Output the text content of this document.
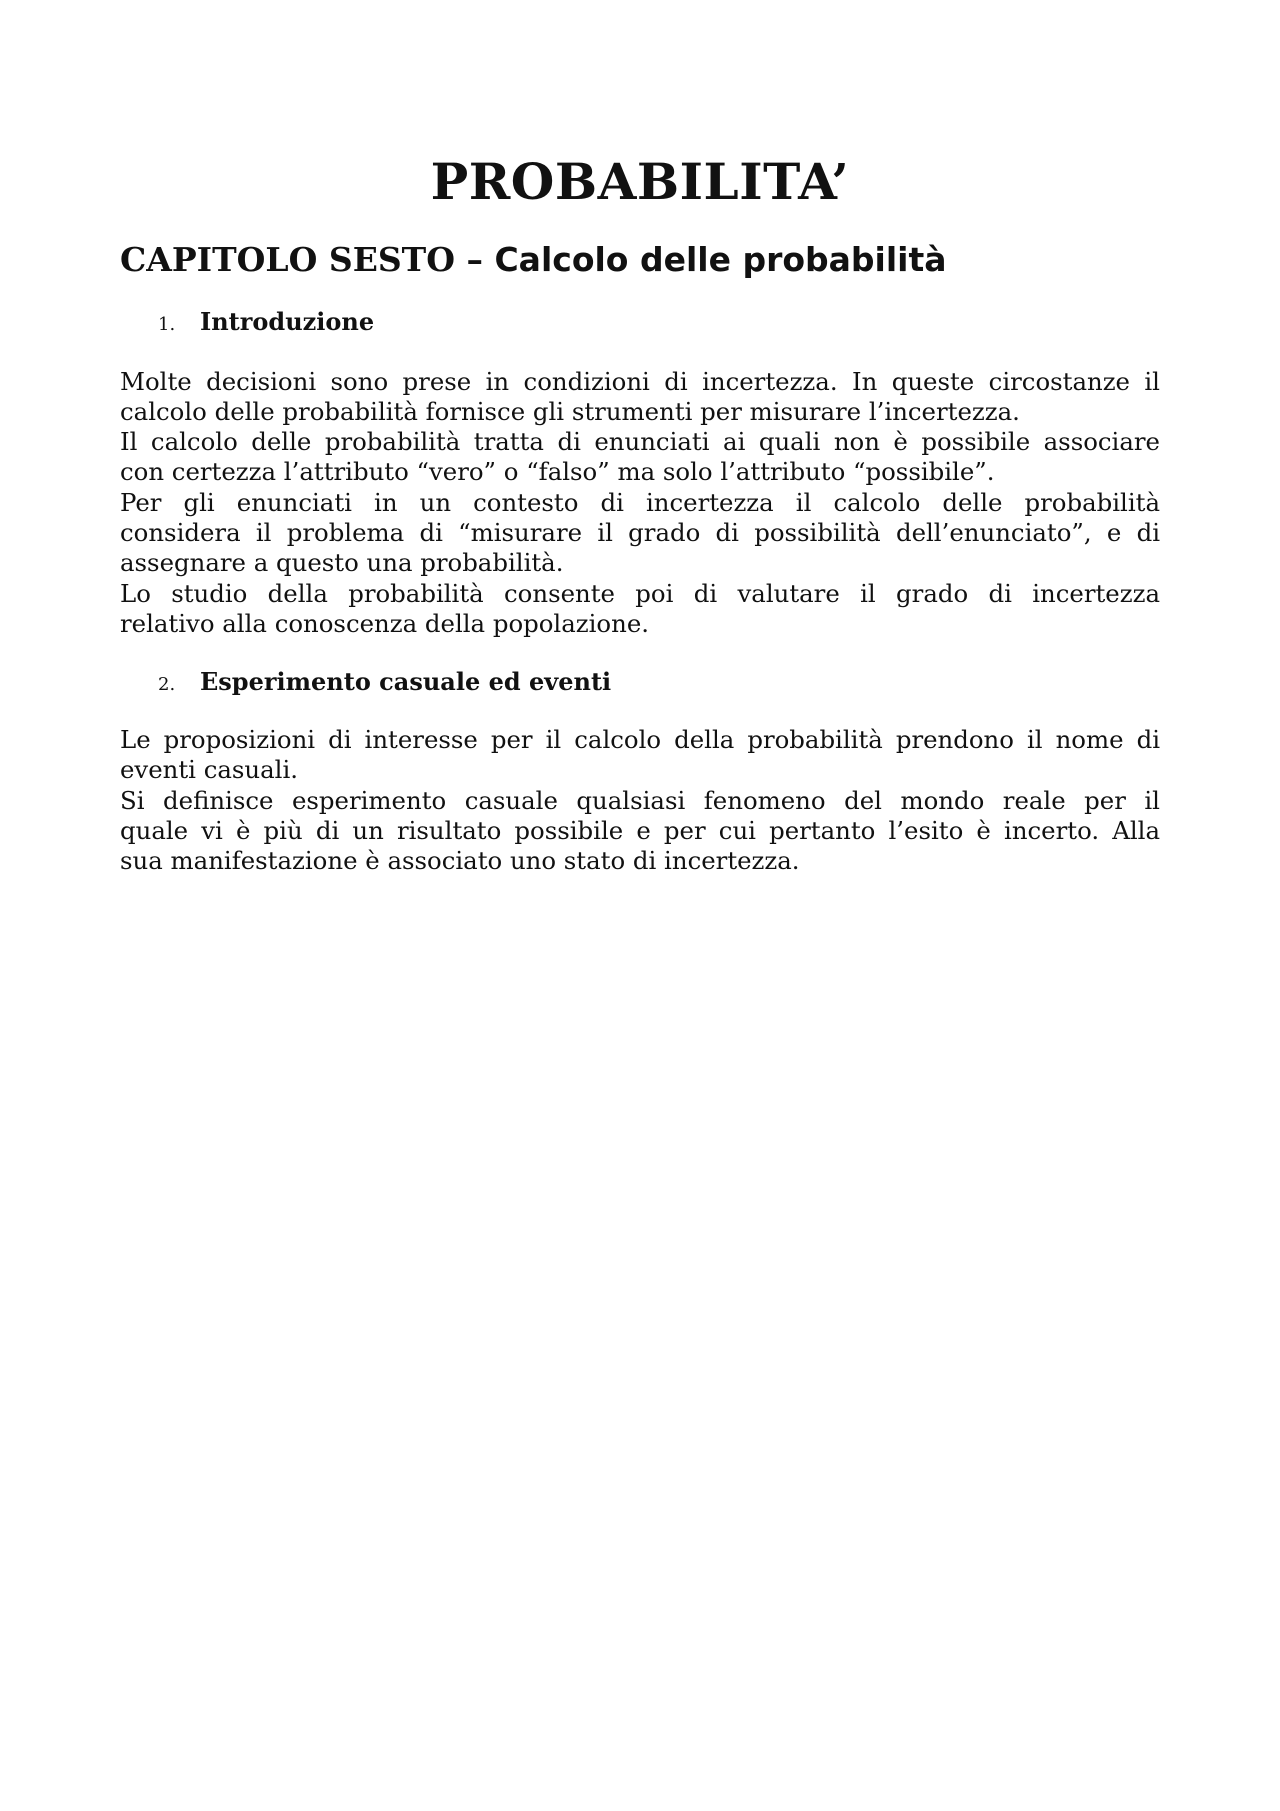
PROBABILITA’
CAPITOLO SESTO – Calcolo delle probabilità
1. Introduzione
Molte decisioni sono prese in condizioni di incertezza. In queste circostanze il
calcolo delle probabilità fornisce gli strumenti per misurare l’incertezza.
Il calcolo delle probabilità tratta di enunciati ai quali non è possibile associare
con certezza l’attributo “vero” o “falso” ma solo l’attributo “possibile”.
Per gli enunciati in un contesto di incertezza il calcolo delle probabilità
considera il problema di “misurare il grado di possibilità dell’enunciato”, e di
assegnare a questo una probabilità.
Lo studio della probabilità consente poi di valutare il grado di incertezza
relativo alla conoscenza della popolazione.
2. Esperimento casuale ed eventi
Le proposizioni di interesse per il calcolo della probabilità prendono il nome di
eventi casuali.
Si definisce esperimento casuale qualsiasi fenomeno del mondo reale per il
quale vi è più di un risultato possibile e per cui pertanto l’esito è incerto. Alla
sua manifestazione è associato uno stato di incertezza.
